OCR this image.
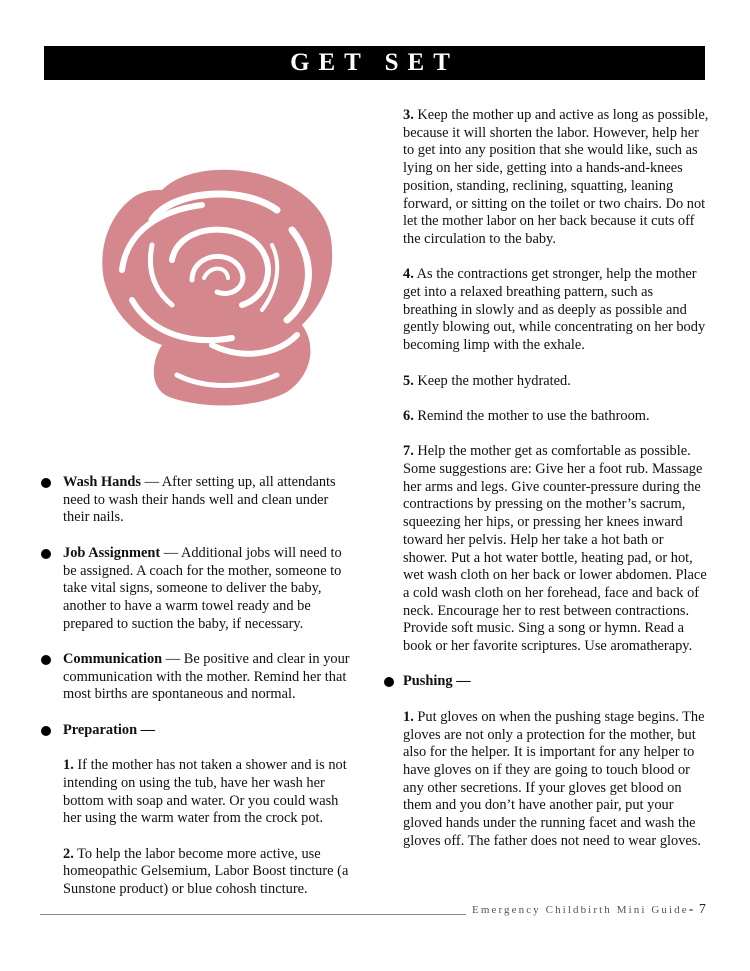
GET SET
Wash Hands — After setting up, all attendants need to wash their hands well and clean under their nails.
Job Assignment — Additional jobs will need to be assigned. A coach for the mother, someone to take vital signs, someone to deliver the baby, another to have a warm towel ready and be prepared to suction the baby, if necessary.
Communication — Be positive and clear in your communication with the mother. Remind her that most births are spontaneous and normal.
Preparation —
1. If the mother has not taken a shower and is not intending on using the tub, have her wash her bottom with soap and water. Or you could wash her using the warm water from the crock pot.
2. To help the labor become more active, use homeopathic Gelsemium, Labor Boost tincture (a Sunstone product) or blue cohosh tincture.
3. Keep the mother up and active as long as possible, because it will shorten the labor. However, help her to get into any position that she would like, such as lying on her side, getting into a hands-and-knees position, standing, reclining, squatting, leaning forward, or sitting on the toilet or two chairs. Do not let the mother labor on her back because it cuts off the circulation to the baby.
4. As the contractions get stronger, help the mother get into a relaxed breathing pattern, such as breathing in slowly and as deeply as possible and gently blowing out, while concentrating on her body becoming limp with the exhale.
5. Keep the mother hydrated.
6. Remind the mother to use the bathroom.
7. Help the mother get as comfortable as possible. Some suggestions are: Give her a foot rub. Massage her arms and legs. Give counter-pressure during the contractions by pressing on the mother’s sacrum, squeezing her hips, or pressing her knees inward toward her pelvis. Help her take a hot bath or shower. Put a hot water bottle, heating pad, or hot, wet wash cloth on her back or lower abdomen. Place a cold wash cloth on her forehead, face and back of neck. Encourage her to rest between contractions. Provide soft music. Sing a song or hymn. Read a book or her favorite scriptures. Use aromatherapy.
Pushing —
1. Put gloves on when the pushing stage begins. The gloves are not only a protection for the mother, but also for the helper. It is important for any helper to have gloves on if they are going to touch blood or any other secretions. If your gloves get blood on them and you don’t have another pair, put your gloved hands under the running facet and wash the gloves off. The father does not need to wear gloves.
Emergency Childbirth Mini Guide- 7
